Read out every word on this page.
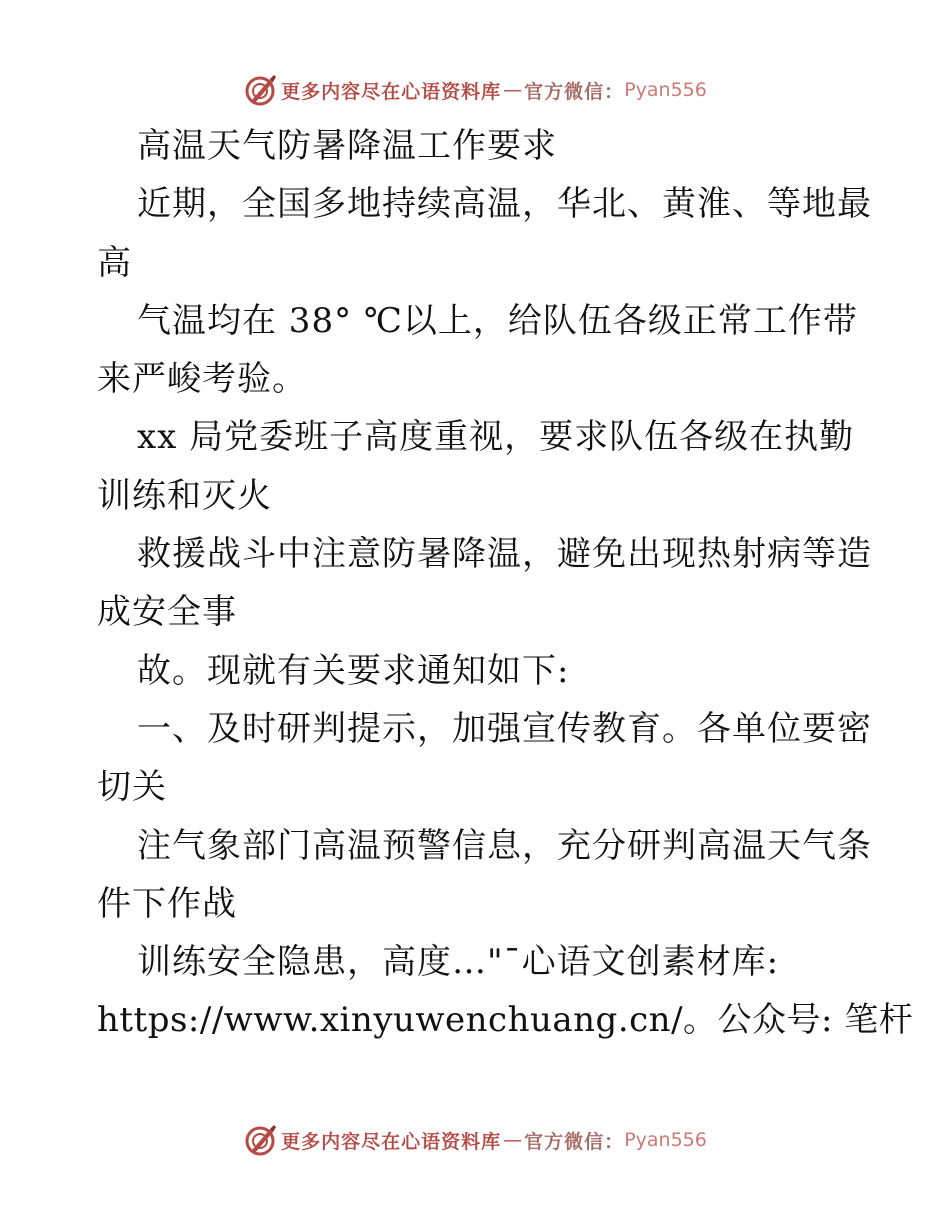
更多内容尽在心语资料库 — 官方微信： Pyan556
高温天气防暑降温工作要求
近期，全国多地持续高温，华北、黄淮、等地最
高
气温均在 38° ℃以上，给队伍各级正常工作带
来严峻考验。
xx 局党委班子高度重视，要求队伍各级在执勤
训练和灭火
救援战斗中注意防暑降温，避免出现热射病等造
成安全事
故。现就有关要求通知如下:
一、及时研判提示，加强宣传教育。各单位要密
切关
注气象部门高温预警信息，充分研判高温天气条
件下作战
训练安全隐患，高度…"¯心语文创素材库:
https://www.xinyuwenchuang.cn/。公众号: 笔杆
更多内容尽在心语资料库 — 官方微信： Pyan556
